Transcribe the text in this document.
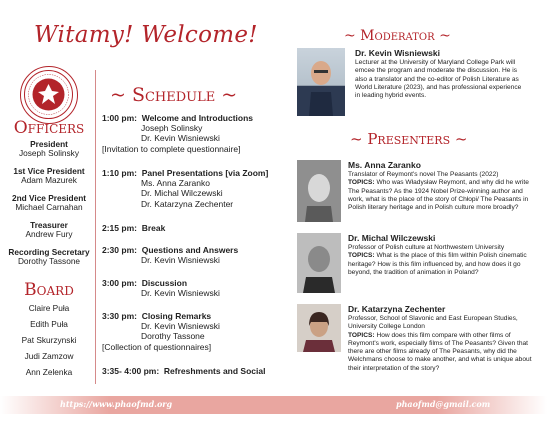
Witamy! Welcome!
Officers
President
Joseph Solinsky
1st Vice President
Adam Mazurek
2nd Vice President
Michael Carnahan
Treasurer
Andrew Fury
Recording Secretary
Dorothy Tassone
Board
Claire Puła
Edith Puła
Pat Skurzynski
Judi Zamzow
Ann Zelenka
~ Schedule ~
1:00 pm: Welcome and Introductions
Joseph Solinsky
Dr. Kevin Wisniewski
[Invitation to complete questionnaire]
1:10 pm: Panel Presentations [via Zoom]
Ms. Anna Zaranko
Dr. Michal Wilczewski
Dr. Katarzyna Zechenter
2:15 pm: Break
2:30 pm: Questions and Answers
Dr. Kevin Wisniewski
3:00 pm: Discussion
Dr. Kevin Wisniewski
3:30 pm: Closing Remarks
Dr. Kevin Wisniewski
Dorothy Tassone
[Collection of questionnaires]
3:35- 4:00 pm: Refreshments and Social
~ Moderator ~
Dr. Kevin Wisniewski
Lecturer at the University of Maryland College Park will emcee the program and moderate the discussion. He is also a translator and the co-editor of Polish Literature as World Literature (2023), and has professional experience in leading hybrid events.
~ Presenters ~
Ms. Anna Zaranko
Translator of Reymont's novel The Peasants (2022)
TOPICS: Who was Władysław Reymont, and why did he write The Peasants? As the 1924 Nobel Prize-winning author and work, what is the place of the story of Chłopi/ The Peasants in Polish literary heritage and in Polish culture more broadly?
Dr. Michal Wilczewski
Professor of Polish culture at Northwestern University
TOPICS: What is the place of this film within Polish cinematic heritage? How is this film influenced by, and how does it go beyond, the tradition of animation in Poland?
Dr. Katarzyna Zechenter
Professor, School of Slavonic and East European Studies, University College London
TOPICS: How does this film compare with other films of Reymont's work, especially films of The Peasants? Given that there are other films already of The Peasants, why did the Welchmans choose to make another, and what is unique about their interpretation of the story?
https://www.phaofmd.org	phaofmd@gmail.com
